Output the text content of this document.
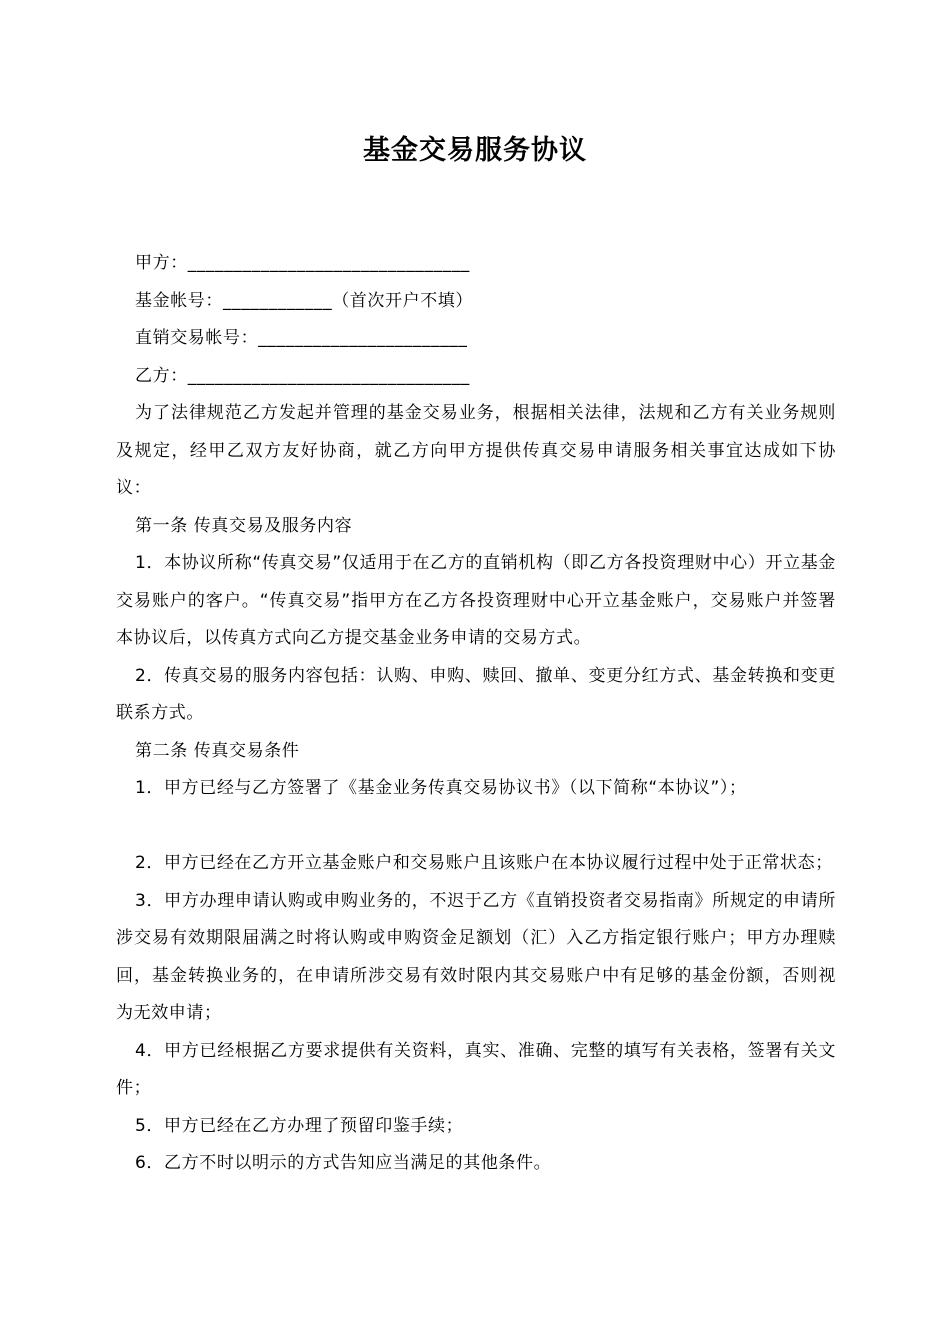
基金交易服务协议
甲方：_______________________________
基金帐号：____________（首次开户不填）
直销交易帐号：_______________________
乙方：_______________________________
为了法律规范乙方发起并管理的基金交易业务，根据相关法律，法规和乙方有关业务规则及规定，经甲乙双方友好协商，就乙方向甲方提供传真交易申请服务相关事宜达成如下协议：
第一条 传真交易及服务内容
1．本协议所称“传真交易”仅适用于在乙方的直销机构（即乙方各投资理财中心）开立基金交易账户的客户。“传真交易”指甲方在乙方各投资理财中心开立基金账户，交易账户并签署本协议后，以传真方式向乙方提交基金业务申请的交易方式。
2．传真交易的服务内容包括：认购、申购、赎回、撤单、变更分红方式、基金转换和变更联系方式。
第二条 传真交易条件
1．甲方已经与乙方签署了《基金业务传真交易协议书》（以下简称“本协议”）；
2．甲方已经在乙方开立基金账户和交易账户且该账户在本协议履行过程中处于正常状态；
3．甲方办理申请认购或申购业务的，不迟于乙方《直销投资者交易指南》所规定的申请所涉交易有效期限届满之时将认购或申购资金足额划（汇）入乙方指定银行账户；甲方办理赎回，基金转换业务的，在申请所涉交易有效时限内其交易账户中有足够的基金份额，否则视为无效申请；
4．甲方已经根据乙方要求提供有关资料，真实、准确、完整的填写有关表格，签署有关文件；
5．甲方已经在乙方办理了预留印鉴手续；
6．乙方不时以明示的方式告知应当满足的其他条件。
